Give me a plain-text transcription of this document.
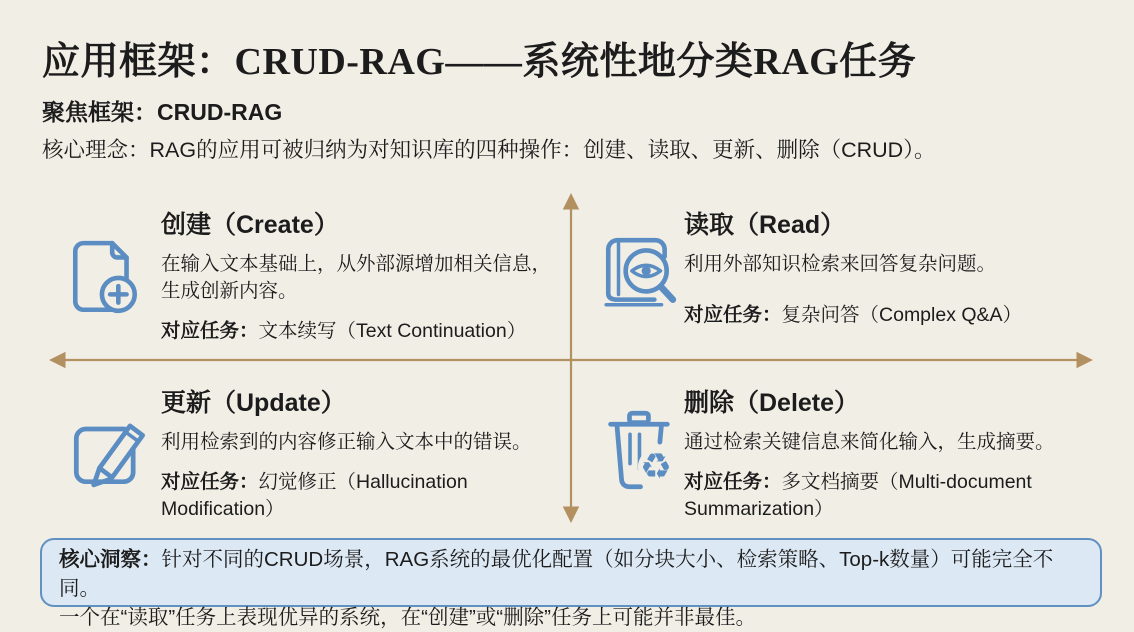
应用框架：CRUD-RAG——系统性地分类RAG任务
聚焦框架：CRUD-RAG
核心理念：RAG的应用可被归纳为对知识库的四种操作：创建、读取、更新、删除（CRUD）。
创建（Create）

在输入文本基础上，从外部源增加相关信息，生成创新内容。

对应任务：文本续写（Text Continuation）

读取（Read）

利用外部知识检索来回答复杂问题。

对应任务：复杂问答（Complex Q&A）

更新（Update）

利用检索到的内容修正输入文本中的错误。

对应任务：幻觉修正（Hallucination Modification）

♻
删除（Delete）

通过检索关键信息来简化输入，生成摘要。

对应任务：多文档摘要（Multi-document Summarization）

核心洞察：针对不同的CRUD场景，RAG系统的最优化配置（如分块大小、检索策略、Top-k数量）可能完全不同。
一个在“读取”任务上表现优异的系统，在“创建”或“删除”任务上可能并非最佳。
